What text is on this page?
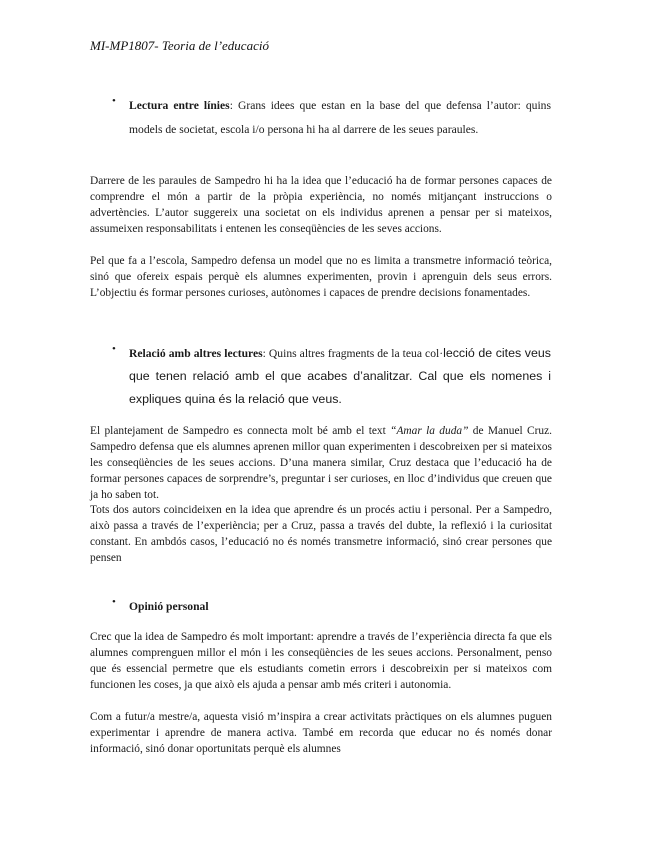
MI-MP1807- Teoria de l’educació
• Lectura entre línies: Grans idees que estan en la base del que defensa l’autor: quins models de societat, escola i/o persona hi ha al darrere de les seues paraules.

Darrere de les paraules de Sampedro hi ha la idea que l’educació ha de formar persones capaces de comprendre el món a partir de la pròpia experiència, no només mitjançant instruccions o advertències. L’autor suggereix una societat on els individus aprenen a pensar per si mateixos, assumeixen responsabilitats i entenen les conseqüències de les seves accions.

Pel que fa a l’escola, Sampedro defensa un model que no es limita a transmetre informació teòrica, sinó que ofereix espais perquè els alumnes experimenten, provin i aprenguin dels seus errors. L’objectiu és formar persones curioses, autònomes i capaces de prendre decisions fonamentades.

• Relació amb altres lectures: Quins altres fragments de la teua col·lecció de cites veus que tenen relació amb el que acabes d’analitzar. Cal que els nomenes i expliques quina és la relació que veus.

El plantejament de Sampedro es connecta molt bé amb el text “Amar la duda” de Manuel Cruz. Sampedro defensa que els alumnes aprenen millor quan experimenten i descobreixen per si mateixos les conseqüències de les seues accions. D’una manera similar, Cruz destaca que l’educació ha de formar persones capaces de sorprendre’s, preguntar i ser curioses, en lloc d’individus que creuen que ja ho saben tot.

Tots dos autors coincideixen en la idea que aprendre és un procés actiu i personal. Per a Sampedro, això passa a través de l’experiència; per a Cruz, passa a través del dubte, la reflexió i la curiositat constant. En ambdós casos, l’educació no és només transmetre informació, sinó crear persones que pensen

• Opinió personal

Crec que la idea de Sampedro és molt important: aprendre a través de l’experiència directa fa que els alumnes comprenguen millor el món i les conseqüències de les seues accions. Personalment, penso que és essencial permetre que els estudiants cometin errors i descobreixin per si mateixos com funcionen les coses, ja que això els ajuda a pensar amb més criteri i autonomia.

Com a futur/a mestre/a, aquesta visió m’inspira a crear activitats pràctiques on els alumnes puguen experimentar i aprendre de manera activa. També em recorda que educar no és només donar informació, sinó donar oportunitats perquè els alumnes
